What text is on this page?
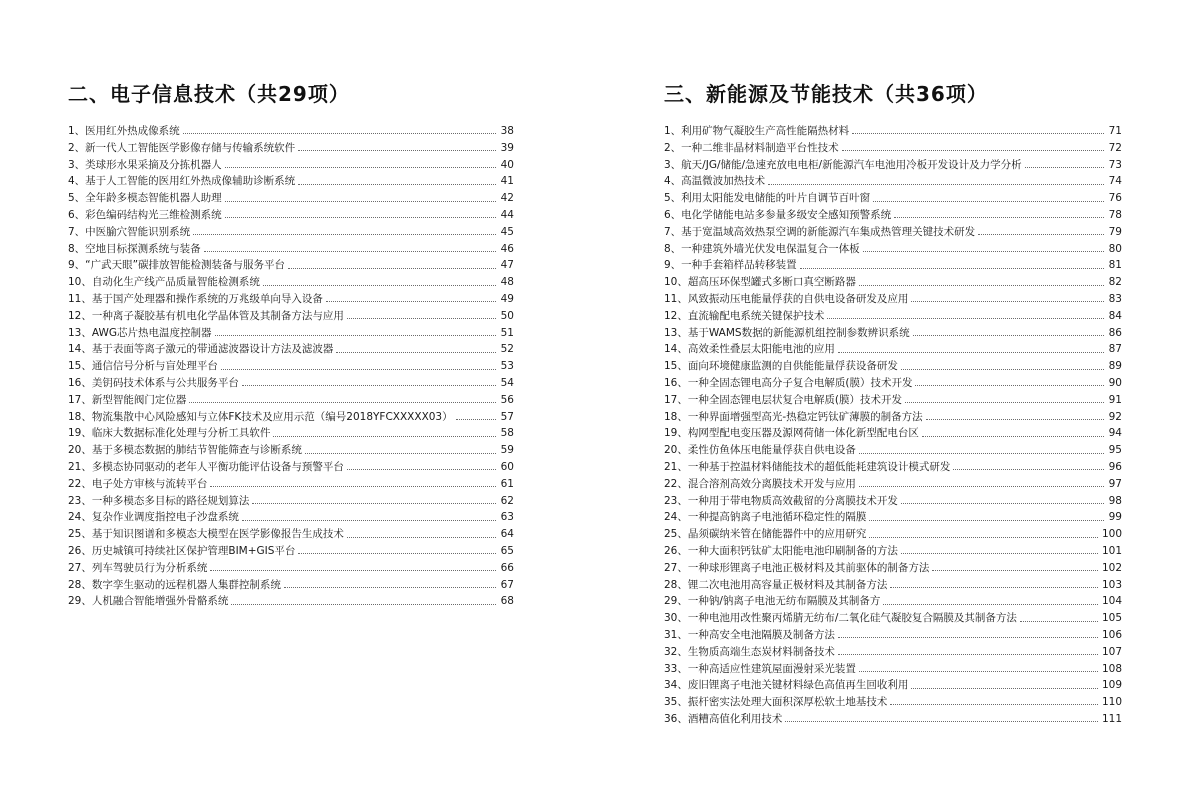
二、电子信息技术（共29项）
1、医用红外热成像系统	38
2、新一代人工智能医学影像存储与传输系统软件	39
3、类球形水果采摘及分拣机器人	40
4、基于人工智能的医用红外热成像辅助诊断系统	41
5、全年龄多模态智能机器人助理	42
6、彩色编码结构光三维检测系统	44
7、中医腧穴智能识别系统	45
8、空地目标探测系统与装备	46
9、“广武天眼”碳排放智能检测装备与服务平台	47
10、自动化生产线产品质量智能检测系统	48
11、基于国产处理器和操作系统的万兆级单向导入设备	49
12、一种离子凝胶基有机电化学晶体管及其制备方法与应用	50
13、AWG芯片热电温度控制器	51
14、基于表面等离子激元的带通滤波器设计方法及滤波器	52
15、通信信号分析与盲处理平台	53
16、美钥码技术体系与公共服务平台	54
17、新型智能阀门定位器	56
18、物流集散中心风险感知与立体FK技术及应用示范（编号2018YFCXXXXX03）	57
19、临床大数据标准化处理与分析工具软件	58
20、基于多模态数据的肺结节智能筛查与诊断系统	59
21、多模态协同驱动的老年人平衡功能评估设备与预警平台	60
22、电子处方审核与流转平台	61
23、一种多模态多目标的路径规划算法	62
24、复杂作业调度指控电子沙盘系统	63
25、基于知识图谱和多模态大模型在医学影像报告生成技术	64
26、历史城镇可持续社区保护管理BIM+GIS平台	65
27、列车驾驶员行为分析系统	66
28、数字孪生驱动的远程机器人集群控制系统	67
29、人机融合智能增强外骨骼系统	68
三、新能源及节能技术（共36项）
1、利用矿物气凝胶生产高性能隔热材料	71
2、一种二维非晶材料制造平台性技术	72
3、航天/JG/储能/急速充放电电柜/新能源汽车电池用冷板开发设计及力学分析	73
4、高温微波加热技术	74
5、利用太阳能发电储能的叶片自调节百叶窗	76
6、电化学储能电站多参量多级安全感知预警系统	78
7、基于宽温域高效热泵空调的新能源汽车集成热管理关键技术研发	79
8、一种建筑外墙光伏发电保温复合一体板	80
9、一种手套箱样品转移装置	81
10、超高压环保型罐式多断口真空断路器	82
11、风致振动压电能量俘获的自供电设备研发及应用	83
12、直流输配电系统关键保护技术	84
13、基于WAMS数据的新能源机组控制参数辨识系统	86
14、高效柔性叠层太阳能电池的应用	87
15、面向环境健康监测的自供能能量俘获设备研发	89
16、一种全固态锂电高分子复合电解质(膜）技术开发	90
17、一种全固态锂电层状复合电解质(膜）技术开发	91
18、一种界面增强型高光-热稳定钙钛矿薄膜的制备方法	92
19、构网型配电变压器及源网荷储一体化新型配电台区	94
20、柔性仿鱼体压电能量俘获自供电设备	95
21、一种基于控温材料储能技术的超低能耗建筑设计模式研发	96
22、混合溶剂高效分离膜技术开发与应用	97
23、一种用于带电物质高效截留的分离膜技术开发	98
24、一种提高钠离子电池循环稳定性的隔膜	99
25、晶须碳纳米管在储能器件中的应用研究	100
26、一种大面积钙钛矿太阳能电池印刷制备的方法	101
27、一种球形锂离子电池正极材料及其前驱体的制备方法	102
28、锂二次电池用高容量正极材料及其制备方法	103
29、一种钠/钠离子电池无纺布隔膜及其制备方	104
30、一种电池用改性聚丙烯腈无纺布/二氧化硅气凝胶复合隔膜及其制备方法	105
31、一种高安全电池隔膜及制备方法	106
32、生物质高端生态炭材料制备技术	107
33、一种高适应性建筑屋面漫射采光装置	108
34、废旧锂离子电池关键材料绿色高值再生回收利用	109
35、振杆密实法处理大面积深厚松软土地基技术	110
36、酒糟高值化利用技术	111
